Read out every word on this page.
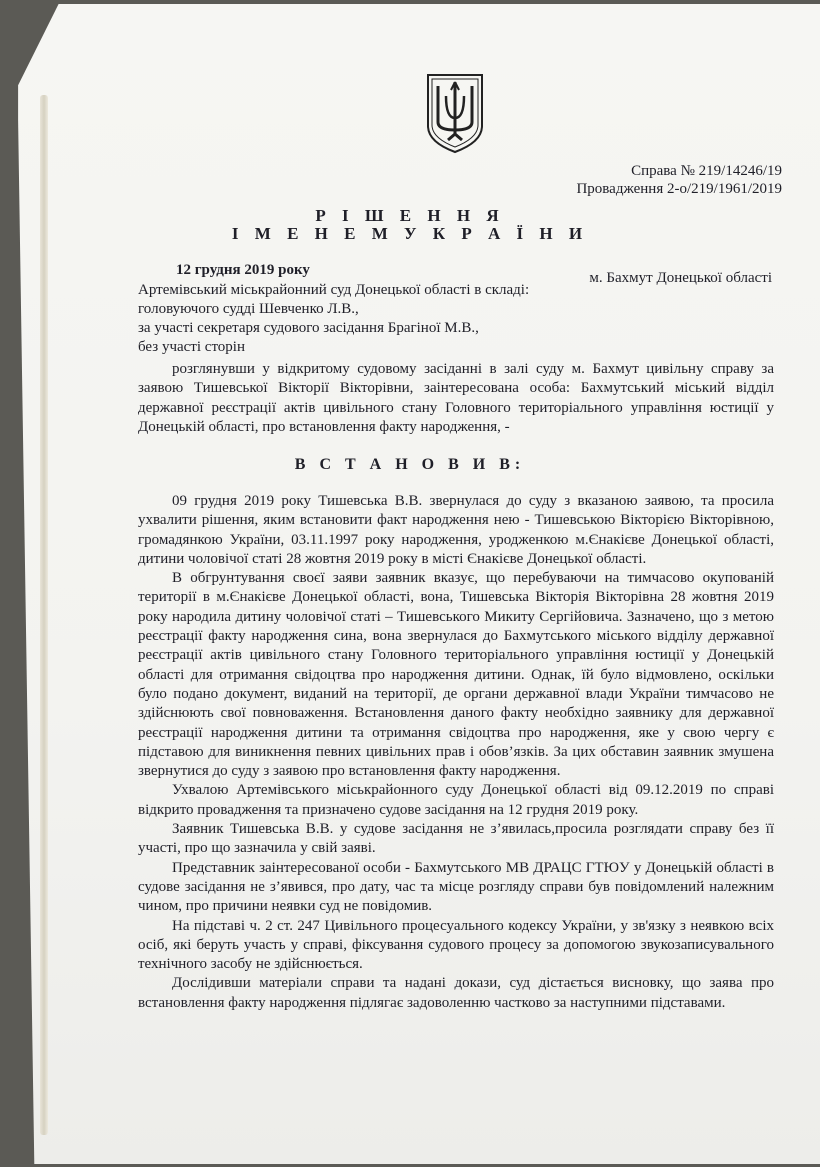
Справа № 219/14246/19
Провадження 2-о/219/1961/2019
Р І Ш Е Н Н Я
І М Е Н Е М У К Р А Ї Н И
12 грудня 2019 року	м. Бахмут Донецької області
Артемівський міськрайонний суд Донецької області в складі:
головуючого судді Шевченко Л.В.,
за участі секретаря судового засідання Брагіної М.В.,
без участі сторін

розглянувши у відкритому судовому засіданні в залі суду м. Бахмут цивільну справу за заявою Тишевської Вікторії Вікторівни, зaінтересована особа: Бахмутський міський відділ державної реєстрації актів цивільного стану Головного територіального управління юстиції у Донецькій області, про встановлення факту народження, -

В С Т А Н О В И В:

09 грудня 2019 року Тишевська В.В. звернулася до суду з вказаною заявою, та просила ухвалити рішення, яким встановити факт народження нею - Тишевською Вікторією Вікторівною, громадянкою України, 03.11.1997 року народження, уродженкою м.Єнакієве Донецької області, дитини чоловічої статі 28 жовтня 2019 року в місті Єнакієве Донецької області.

В обгрунтування своєї заяви заявник вказує, що перебуваючи на тимчасово окупованій території в м.Єнакієве Донецької області, вона, Тишевська Вікторія Вікторівна 28 жовтня 2019 року народила дитину чоловічої статі – Тишевського Микиту Сергійовича. Зазначено, що з метою реєстрації факту народження сина, вона звернулася до Бахмутського міського відділу державної реєстрації актів цивільного стану Головного територіального управління юстиції у Донецькій області для отримання свідоцтва про народження дитини. Однак, їй було відмовлено, оскільки було подано документ, виданий на території, де органи державної влади України тимчасово не здійснюють свої повноваження. Встановлення даного факту необхідно заявнику для державної реєстрації народження дитини та отримання свідоцтва про народження, яке у свою чергу є підставою для виникнення певних цивільних прав і обов’язків. За цих обставин заявник змушена звернутися до суду з заявою про встановлення факту народження.

Ухвалою Артемівського міськрайонного суду Донецької області від 09.12.2019 по справі відкрито провадження та призначено судове засідання на 12 грудня 2019 року.

Заявник Тишевська В.В. у судове засідання не з’явилась,просила розглядати справу без її участі, про що зазначила у свій заяві.

Представник заінтересованої особи - Бахмутського МВ ДРАЦС ГТЮУ у Донецькій області в судове засідання не з’явився, про дату, час та місце розгляду справи був повідомлений належним чином, про причини неявки суд не повідомив.

На підставі ч. 2 ст. 247 Цивільного процесуального кодексу України, у зв'язку з неявкою всіх осіб, які беруть участь у справі, фіксування судового процесу за допомогою звукозаписувального технічного засобу не здійснюється.

Дослідивши матеріали справи та надані докази, суд дістається висновку, що заява про встановлення факту народження підлягає задоволенню частково за наступними підставами.
